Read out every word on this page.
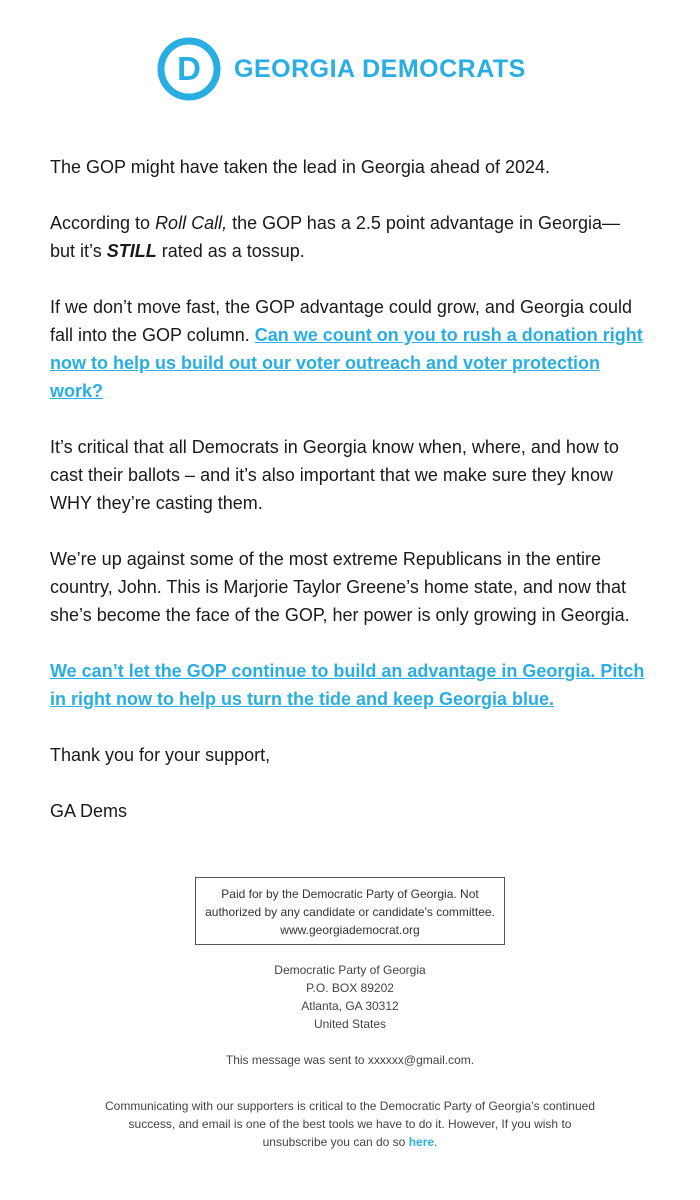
D GEORGIA DEMOCRATS

The GOP might have taken the lead in Georgia ahead of 2024.

According to Roll Call, the GOP has a 2.5 point advantage in Georgia—
but it’s STILL rated as a tossup.

If we don’t move fast, the GOP advantage could grow, and Georgia could fall into the GOP column. Can we count on you to rush a donation right now to help us build out our voter outreach and voter protection work?

It’s critical that all Democrats in Georgia know when, where, and how to cast their ballots – and it’s also important that we make sure they know WHY they’re casting them.

We’re up against some of the most extreme Republicans in the entire country, John. This is Marjorie Taylor Greene’s home state, and now that she’s become the face of the GOP, her power is only growing in Georgia.

We can’t let the GOP continue to build an advantage in Georgia. Pitch in right now to help us turn the tide and keep Georgia blue.

Thank you for your support,

GA Dems

Paid for by the Democratic Party of Georgia. Not
authorized by any candidate or candidate's committee.
www.georgiademocrat.org
Democratic Party of Georgia
P.O. BOX 89202
Atlanta, GA 30312
United States
This message was sent to xxxxxx@gmail.com.
Communicating with our supporters is critical to the Democratic Party of Georgia’s continued success, and email is one of the best tools we have to do it. However, If you wish to unsubscribe you can do so here.
